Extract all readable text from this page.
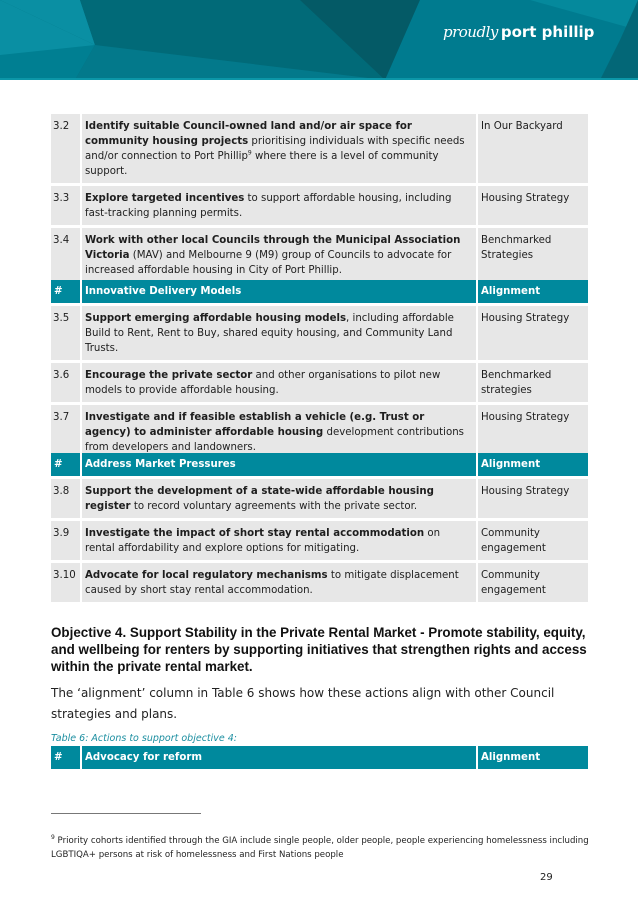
proudly port phillip
3.2	Identify suitable Council-owned land and/or air space for community housing projects prioritising individuals with specific needs and/or connection to Port Phillip$^9$ where there is a level of community support.	In Our Backyard
3.3	Explore targeted incentives to support affordable housing, including fast-tracking planning permits.	Housing Strategy
3.4	Work with other local Councils through the Municipal Association Victoria (MAV) and Melbourne 9 (M9) group of Councils to advocate for increased affordable housing in City of Port Phillip.	Benchmarked Strategies
#	Innovative Delivery Models	Alignment
3.5	Support emerging affordable housing models, including affordable Build to Rent, Rent to Buy, shared equity housing, and Community Land Trusts.	Housing Strategy
3.6	Encourage the private sector and other organisations to pilot new models to provide affordable housing.	Benchmarked strategies
3.7	Investigate and if feasible establish a vehicle (e.g. Trust or agency) to administer affordable housing development contributions from developers and landowners.	Housing Strategy
#	Address Market Pressures	Alignment
3.8	Support the development of a state-wide affordable housing register to record voluntary agreements with the private sector.	Housing Strategy
3.9	Investigate the impact of short stay rental accommodation on rental affordability and explore options for mitigating.	Community engagement
3.10	Advocate for local regulatory mechanisms to mitigate displacement caused by short stay rental accommodation.	Community engagement
Objective 4. Support Stability in the Private Rental Market - Promote stability, equity, and wellbeing for renters by supporting initiatives that strengthen rights and access within the private rental market.

The ‘alignment’ column in Table 6 shows how these actions align with other Council strategies and plans.

Table 6: Actions to support objective 4:
#	Advocacy for reform	Alignment

$^9$ Priority cohorts identified through the GIA include single people, older people, people experiencing homelessness including LGBTIQA+ persons at risk of homelessness and First Nations people

29
